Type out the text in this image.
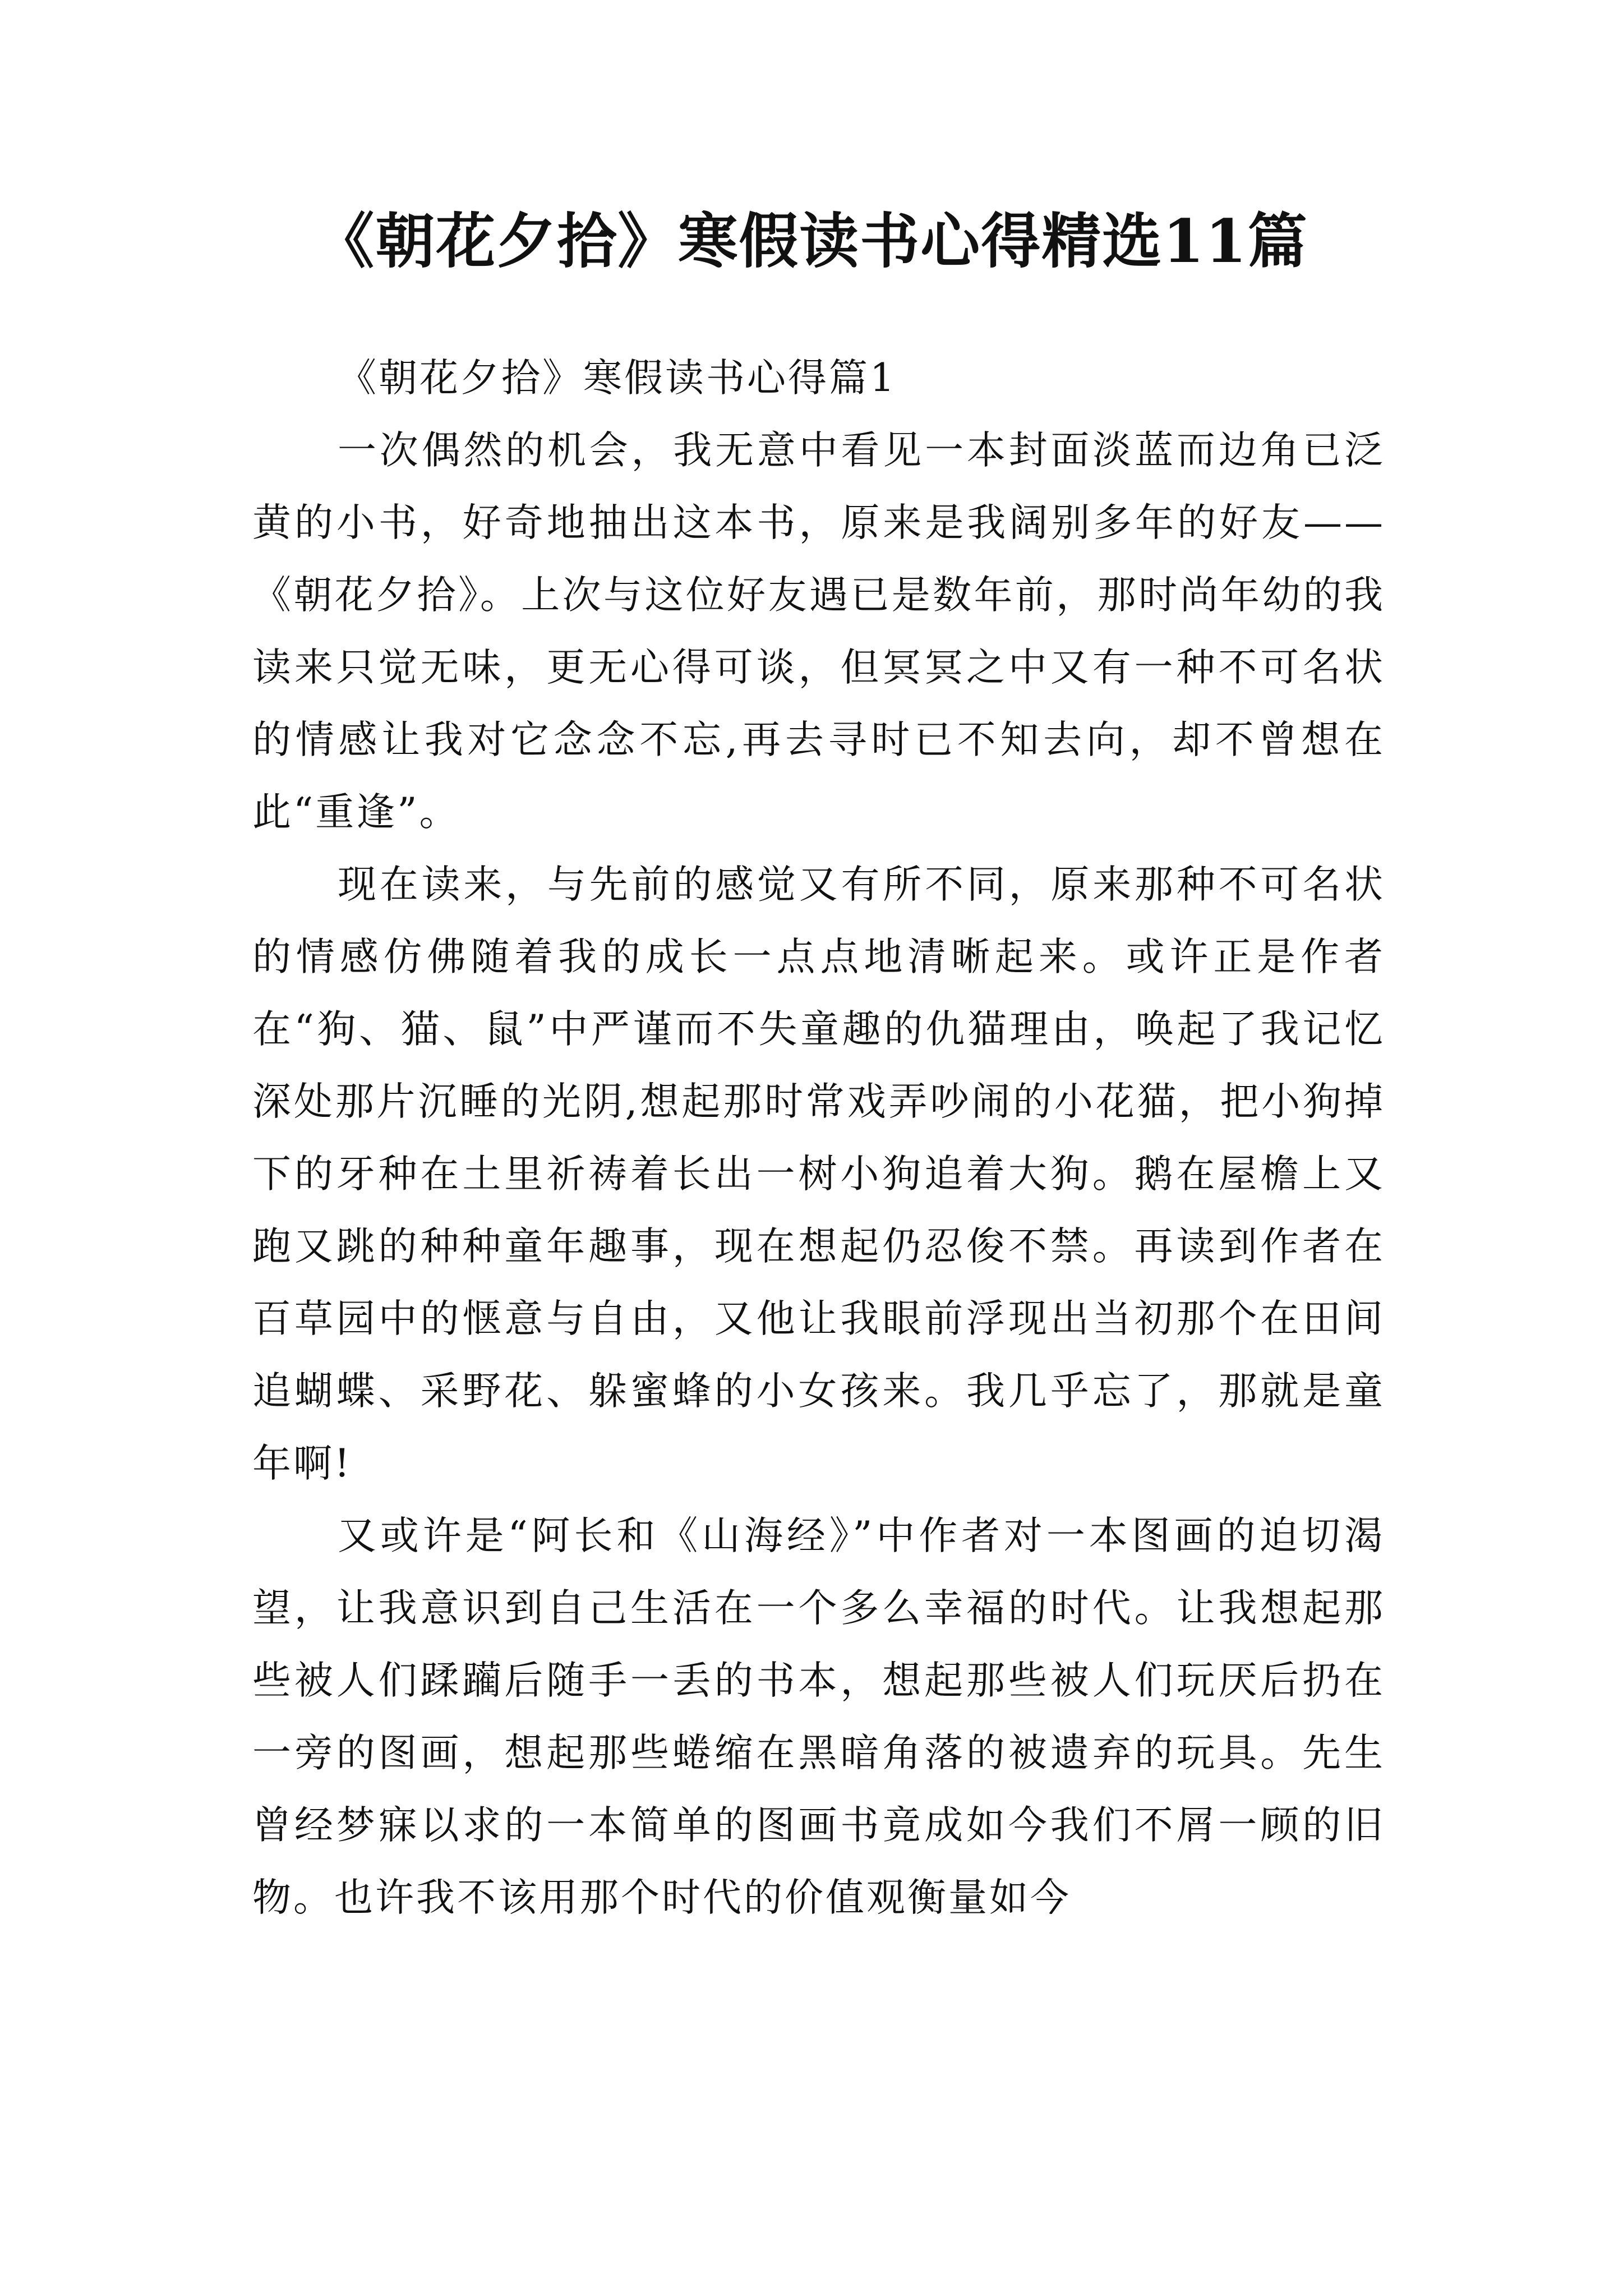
《朝花夕拾》寒假读书心得精选11篇

《朝花夕拾》寒假读书心得篇1

一次偶然的机会，我无意中看见一本封面淡蓝而边角已泛黄的小书，好奇地抽出这本书，原来是我阔别多年的好友——《朝花夕拾》。上次与这位好友遇已是数年前，那时尚年幼的我读来只觉无味，更无心得可谈，但冥冥之中又有一种不可名状的情感让我对它念念不忘,再去寻时已不知去向，却不曾想在此“重逢”。

现在读来，与先前的感觉又有所不同，原来那种不可名状的情感仿佛随着我的成长一点点地清晰起来。或许正是作者在“狗、猫、鼠”中严谨而不失童趣的仇猫理由，唤起了我记忆深处那片沉睡的光阴,想起那时常戏弄吵闹的小花猫，把小狗掉下的牙种在土里祈祷着长出一树小狗追着大狗。鹅在屋檐上又跑又跳的种种童年趣事，现在想起仍忍俊不禁。再读到作者在百草园中的惬意与自由，又他让我眼前浮现出当初那个在田间追蝴蝶、采野花、躲蜜蜂的小女孩来。我几乎忘了，那就是童年啊!

又或许是“阿长和《山海经》”中作者对一本图画的迫切渴望，让我意识到自己生活在一个多么幸福的时代。让我想起那些被人们蹂躏后随手一丢的书本，想起那些被人们玩厌后扔在一旁的图画，想起那些蜷缩在黑暗角落的被遗弃的玩具。先生曾经梦寐以求的一本简单的图画书竟成如今我们不屑一顾的旧物。也许我不该用那个时代的价值观衡量如今
